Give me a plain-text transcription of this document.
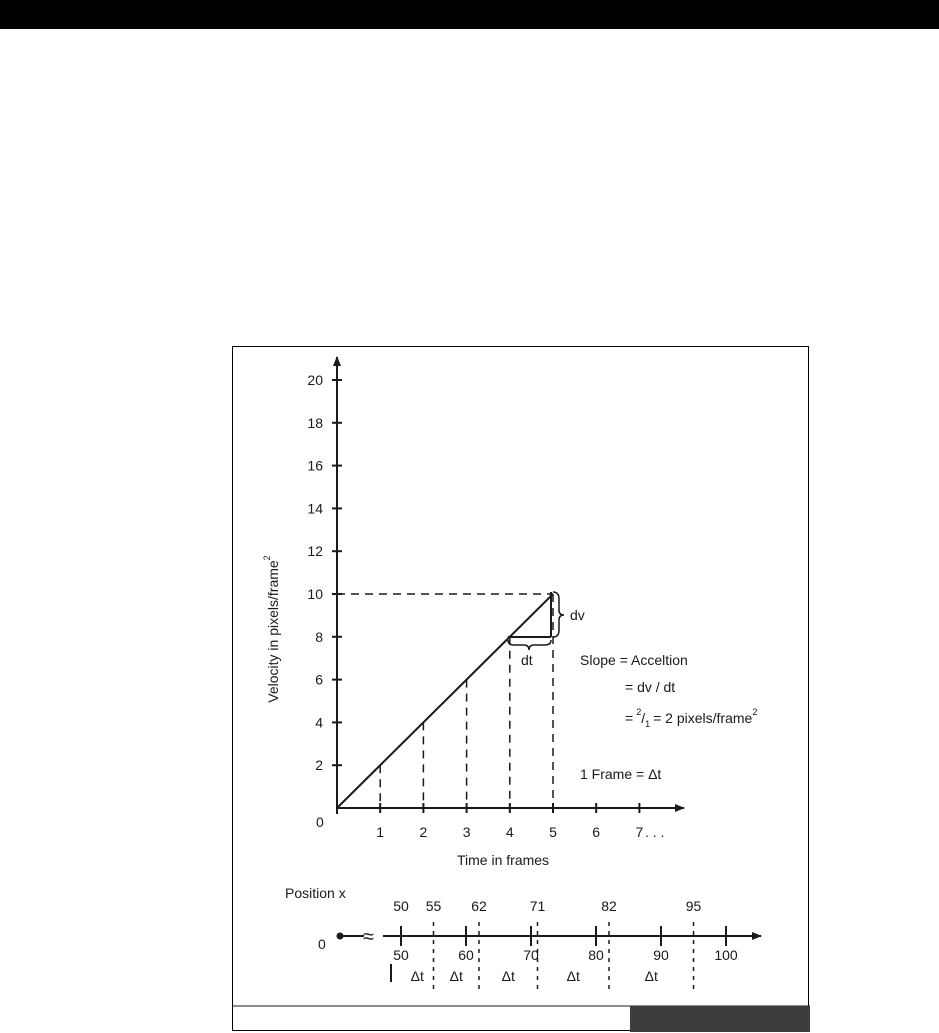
2
4
6
8
10
12
14
16
18
20
1	2	3	4	5	6	7
0
Time in frames
Velocity in pixels/frame$^2$
. . .
dv
dt	Slope = Acceltion
= dv / dt
= $^2/_1 = 2$ pixels/frame$^2$
1 Frame = Δt
Position x
0 ≈
50	60	70	80	90	100
50 55 62	71	82	95
Δt Δt	Δt	Δt	Δt
